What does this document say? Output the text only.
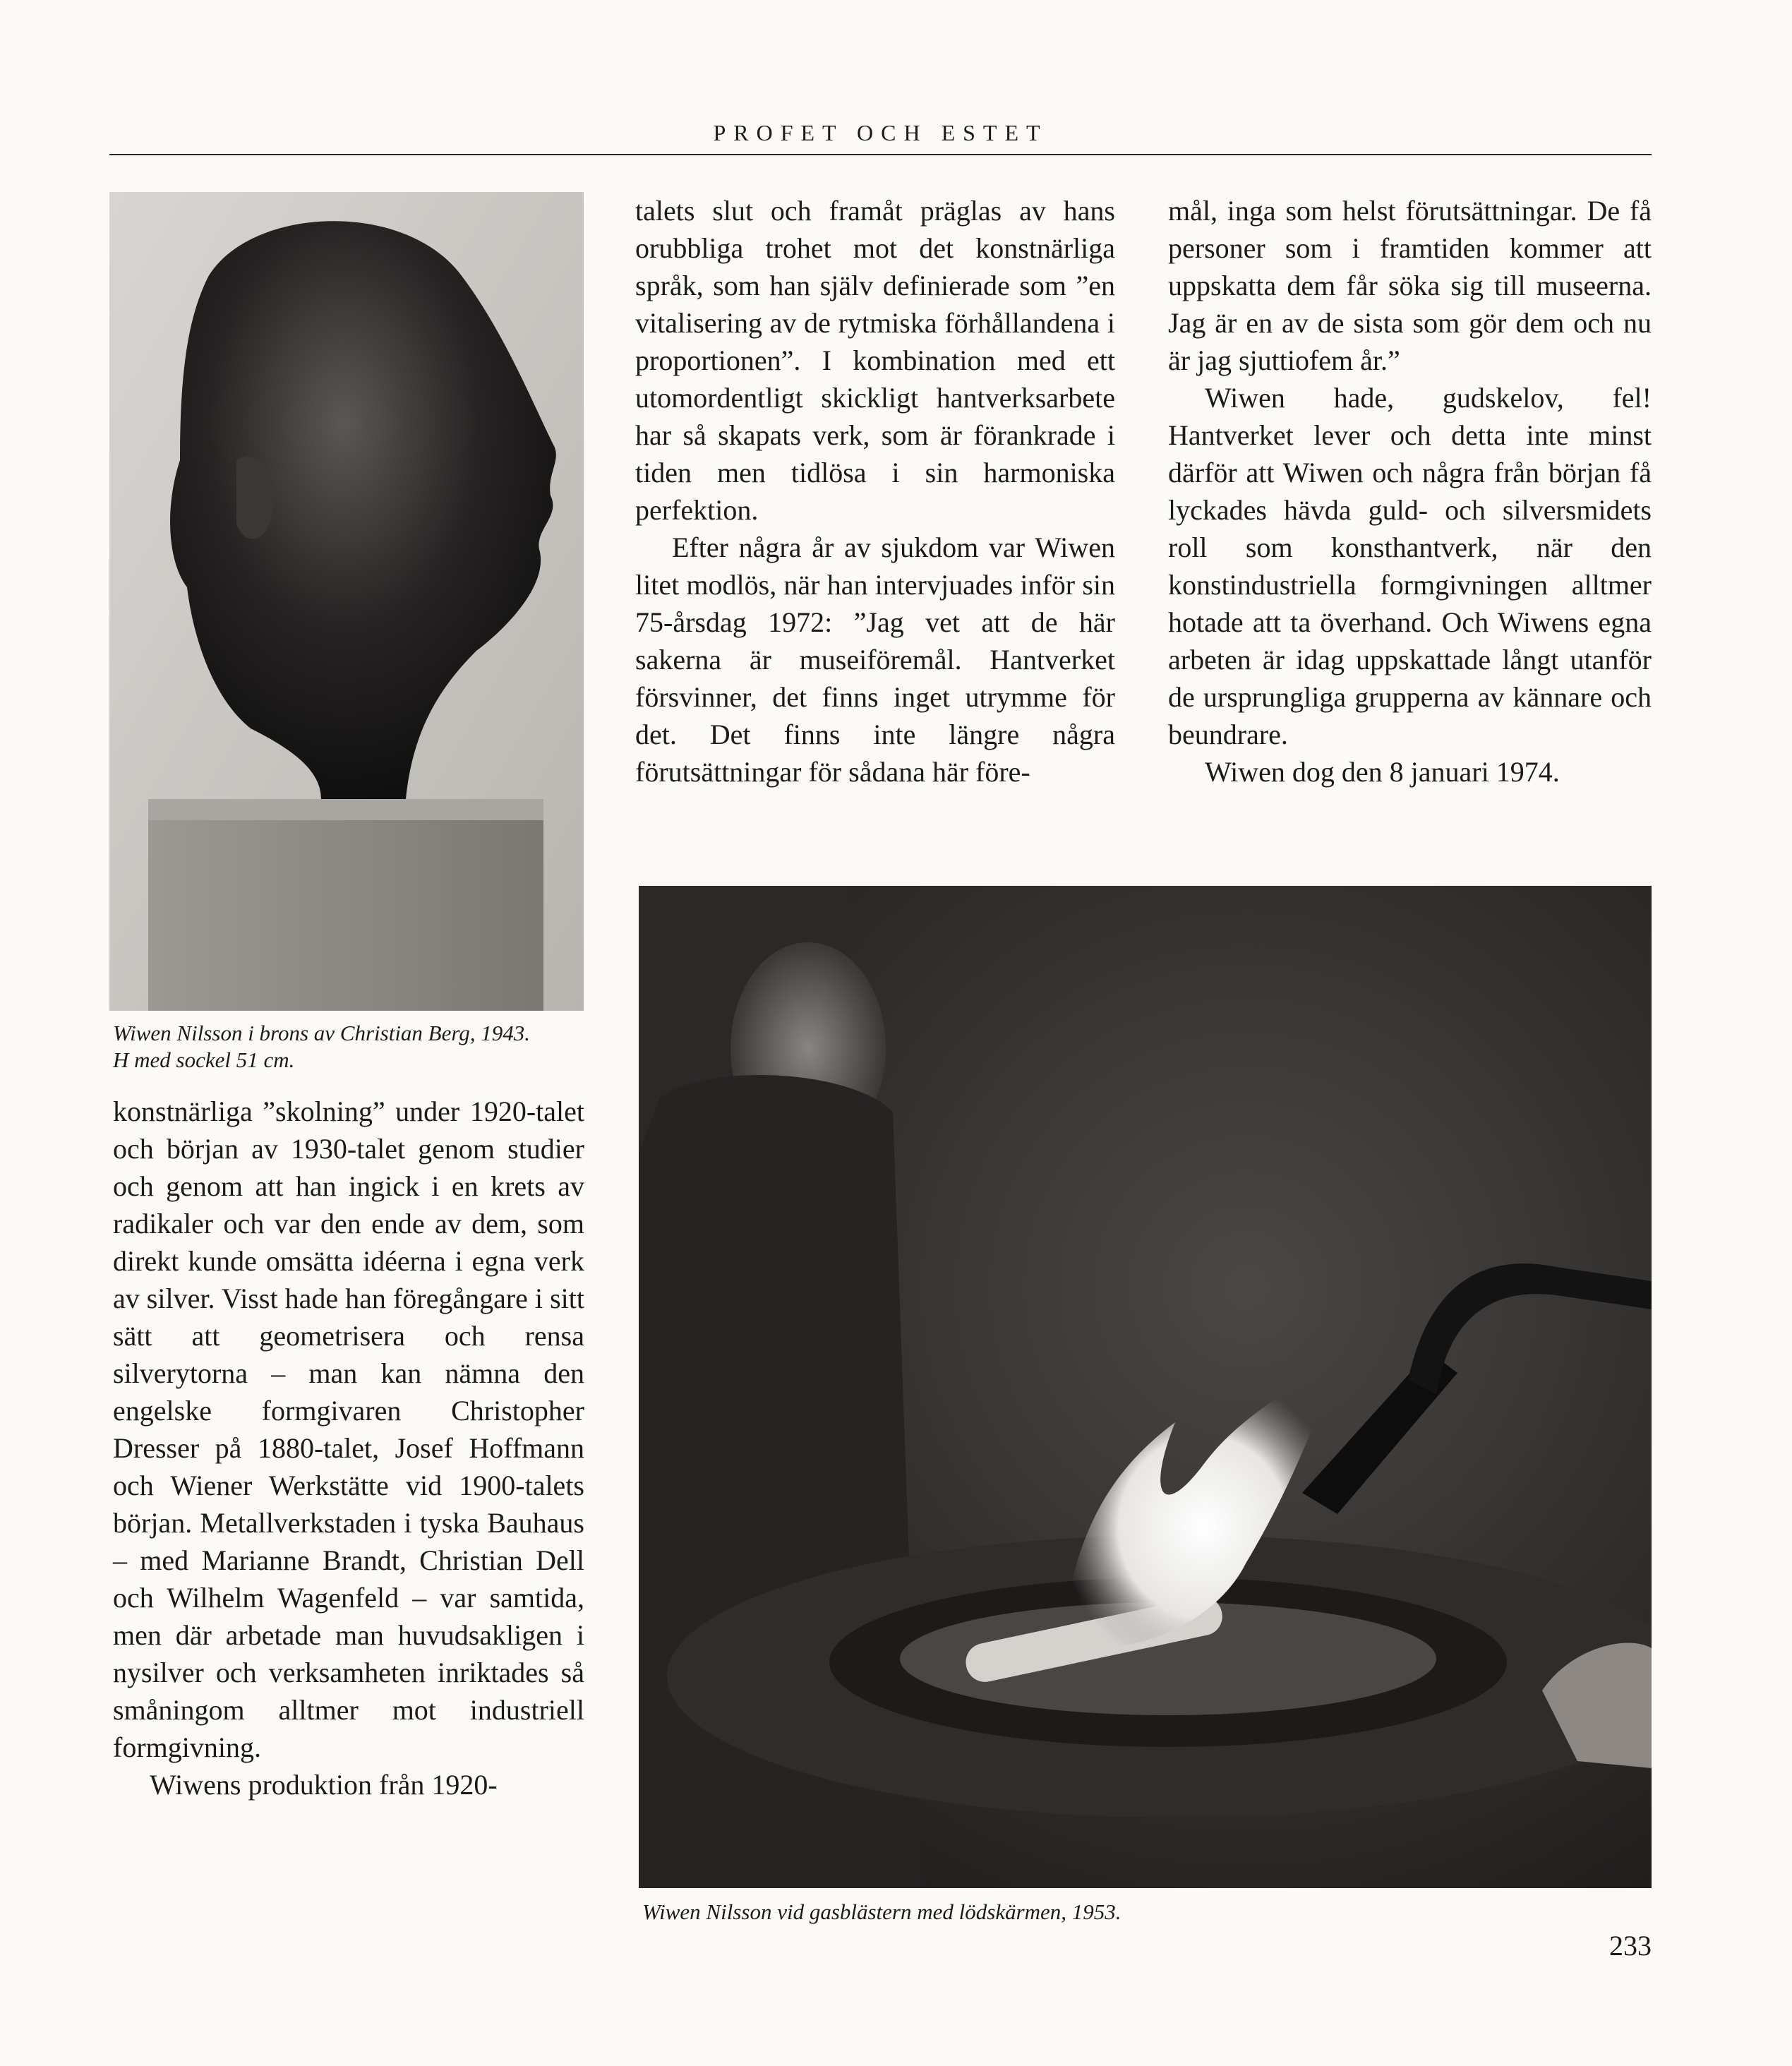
PROFET OCH ESTET
Wiwen Nilsson i brons av Christian Berg, 1943.
H med sockel 51 cm.

konstnärliga ”skolning” under 1920-talet och början av 1930-talet genom studier och genom att han ingick i en krets av radikaler och var den ende av dem, som direkt kunde omsätta idéerna i egna verk av silver. Visst hade han föregångare i sitt sätt att geometrisera och rensa silverytorna – man kan nämna den engelske formgivaren Christopher Dresser på 1880-talet, Josef Hoffmann och Wiener Werkstätte vid 1900-talets början. Metallverkstaden i tyska Bauhaus – med Marianne Brandt, Christian Dell och Wilhelm Wagenfeld – var samtida, men där arbetade man huvudsakligen i nysilver och verksamheten inriktades så småningom alltmer mot industriell formgivning.

Wiwens produktion från 1920-

talets slut och framåt präglas av hans orubbliga trohet mot det konstnärliga språk, som han själv definierade som ”en vitalisering av de rytmiska förhållandena i proportionen”. I kombination med ett utomordentligt skickligt hantverksarbete har så skapats verk, som är förankrade i tiden men tidlösa i sin harmoniska perfektion.

Efter några år av sjukdom var Wiwen litet modlös, när han intervjuades inför sin 75-årsdag 1972: ”Jag vet att de här sakerna är museiföremål. Hantverket försvinner, det finns inget utrymme för det. Det finns inte längre några förutsättningar för sådana här före-

mål, inga som helst förutsättningar. De få personer som i framtiden kommer att uppskatta dem får söka sig till museerna. Jag är en av de sista som gör dem och nu är jag sjuttiofem år.”

Wiwen hade, gudskelov, fel! Hantverket lever och detta inte minst därför att Wiwen och några från början få lyckades hävda guld- och silversmidets roll som konsthantverk, när den konstindustriella formgivningen alltmer hotade att ta överhand. Och Wiwens egna arbeten är idag uppskattade långt utanför de ursprungliga grupperna av kännare och beundrare.

Wiwen dog den 8 januari 1974.

Wiwen Nilsson vid gasblästern med lödskärmen, 1953.
233
